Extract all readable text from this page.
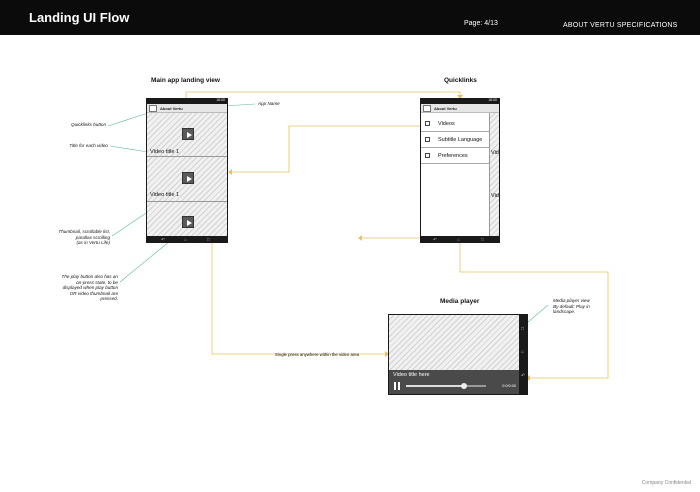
Landing UI Flow	Page: 4/13	ABOUT VERTU SPECIFICATIONS
Main app landing view	Quicklinks
Media player
App Name
Quicklinks button
Title for each video
Thumbnail, scrollable list,
parallax scrolling
(as in Vertu Life)
The play button also has an
on-press state, to be
displayed when play button
OR video thumbnail are
pressed.
Single press anywhere within the video area
Media player view
By default: Play in
landscape.
18:00
About Vertu
Video title 1
Video title 1
↶	⌂	□
18:00
About Vertu
Vid
Vid
Videos
Subtitle Language
Preferences
↶	⌂	□
Video title here
0:0/0:00
□
⌂
↶
Company Confidential
